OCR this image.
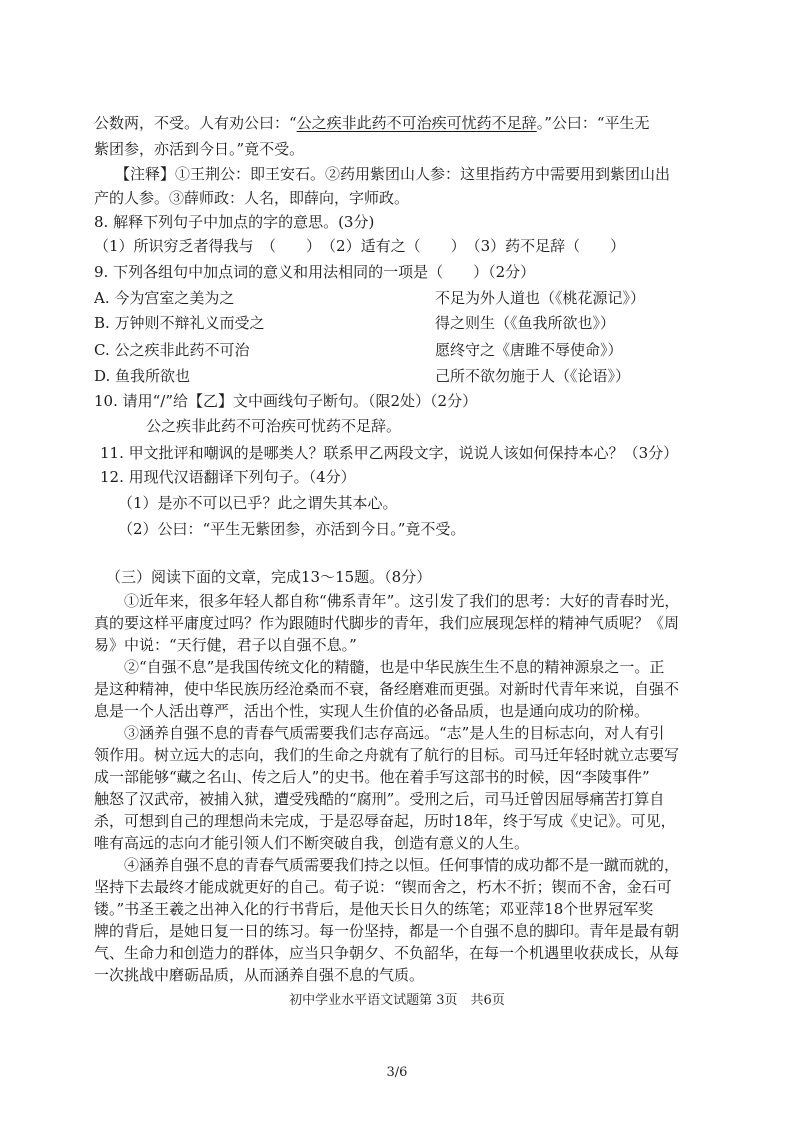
公数两，不受。人有劝公曰：“公之疾非此药不可治疾可忧药不足辞。”公曰：“平生无
紫团参，亦活到今日。”竟不受。
【注释】①王荆公：即王安石。②药用紫团山人参：这里指药方中需要用到紫团山出
产的人参。③薛师政：人名，即薛向，字师政。
8. 解释下列句子中加点的字的意思。(3分)
（1）所识穷乏者得我与　（　　）　（2）适有之（　　）　（3）药不足辞（　　）
9. 下列各组句中加点词的意义和用法相同的一项是（　　）（2分）
A. 今为宫室之美为之	不足为外人道也（《桃花源记》）
B. 万钟则不辩礼义而受之	得之则生（《鱼我所欲也》）
C. 公之疾非此药不可治	愿终守之《唐雎不辱使命》）
D. 鱼我所欲也	己所不欲勿施于人（《论语》）
10. 请用“/”给【乙】文中画线句子断句。（限2处）（2分）
公之疾非此药不可治疾可忧药不足辞。
11. 甲文批评和嘲讽的是哪类人？联系甲乙两段文字，说说人该如何保持本心？（3分）
12. 用现代汉语翻译下列句子。（4分）
（1）是亦不可以已乎？此之谓失其本心。
（2）公曰：“平生无紫团参，亦活到今日。”竟不受。
（三）阅读下面的文章，完成13～15题。（8分）
　　①近年来，很多年轻人都自称“佛系青年”。这引发了我们的思考：大好的青春时光，
真的要这样平庸度过吗？作为跟随时代脚步的青年，我们应展现怎样的精神气质呢？《周
易》中说：“天行健，君子以自强不息。”
　　②“自强不息”是我国传统文化的精髓，也是中华民族生生不息的精神源泉之一。正
是这种精神，使中华民族历经沧桑而不衰，备经磨难而更强。对新时代青年来说，自强不
息是一个人活出尊严，活出个性，实现人生价值的必备品质，也是通向成功的阶梯。
　　③涵养自强不息的青春气质需要我们志存高远。“志”是人生的目标志向，对人有引
领作用。树立远大的志向，我们的生命之舟就有了航行的目标。司马迁年轻时就立志要写
成一部能够“藏之名山、传之后人”的史书。他在着手写这部书的时候，因“李陵事件”
触怒了汉武帝，被捕入狱，遭受残酷的“腐刑”。受刑之后，司马迁曾因屈辱痛苦打算自
杀，可想到自己的理想尚未完成，于是忍辱奋起，历时18年，终于写成《史记》。可见，
唯有高远的志向才能引领人们不断突破自我，创造有意义的人生。
　　④涵养自强不息的青春气质需要我们持之以恒。任何事情的成功都不是一蹴而就的，
坚持下去最终才能成就更好的自己。荀子说：“锲而舍之，朽木不折；锲而不舍，金石可
镂。”书圣王羲之出神入化的行书背后，是他天长日久的练笔；邓亚萍18个世界冠军奖
牌的背后，是她日复一日的练习。每一份坚持，都是一个自强不息的脚印。青年是最有朝
气、生命力和创造力的群体，应当只争朝夕、不负韶华，在每一个机遇里收获成长，从每
一次挑战中磨砺品质，从而涵养自强不息的气质。
初中学业水平语文试题第 3页　共6页
3/6
